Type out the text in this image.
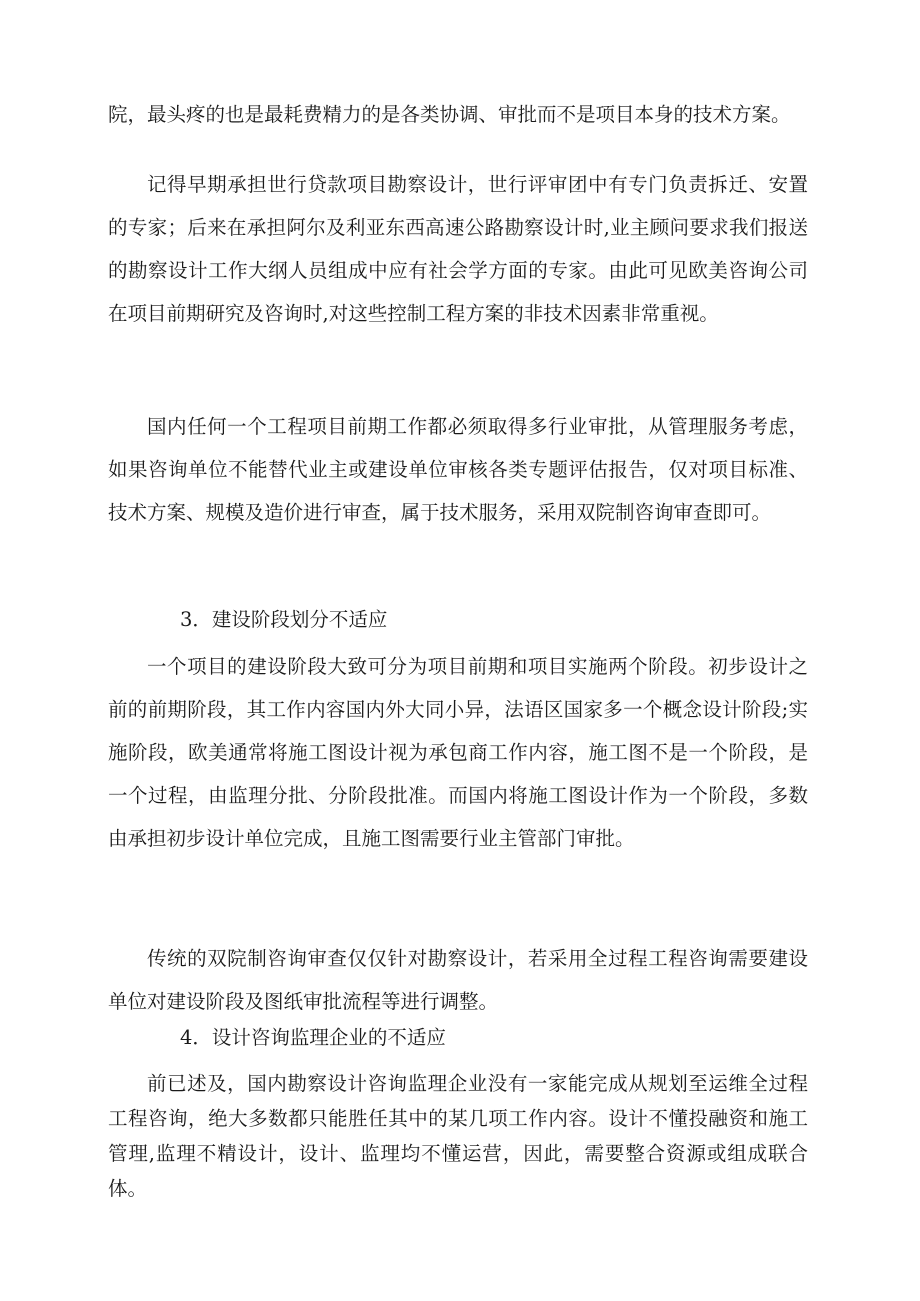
院，最头疼的也是最耗费精力的是各类协调、审批而不是项目本身的技术方案。

记得早期承担世行贷款项目勘察设计，世行评审团中有专门负责拆迁、安置的专家；后来在承担阿尔及利亚东西高速公路勘察设计时,业主顾问要求我们报送的勘察设计工作大纲人员组成中应有社会学方面的专家。由此可见欧美咨询公司在项目前期研究及咨询时,对这些控制工程方案的非技术因素非常重视。

国内任何一个工程项目前期工作都必须取得多行业审批，从管理服务考虑，如果咨询单位不能替代业主或建设单位审核各类专题评估报告，仅对项目标准、技术方案、规模及造价进行审查，属于技术服务，采用双院制咨询审查即可。

3．建设阶段划分不适应

一个项目的建设阶段大致可分为项目前期和项目实施两个阶段。初步设计之前的前期阶段，其工作内容国内外大同小异，法语区国家多一个概念设计阶段;实施阶段，欧美通常将施工图设计视为承包商工作内容，施工图不是一个阶段，是一个过程，由监理分批、分阶段批准。而国内将施工图设计作为一个阶段，多数由承担初步设计单位完成，且施工图需要行业主管部门审批。

传统的双院制咨询审查仅仅针对勘察设计，若采用全过程工程咨询需要建设单位对建设阶段及图纸审批流程等进行调整。

4．设计咨询监理企业的不适应

前已述及，国内勘察设计咨询监理企业没有一家能完成从规划至运维全过程工程咨询，绝大多数都只能胜任其中的某几项工作内容。设计不懂投融资和施工管理,监理不精设计，设计、监理均不懂运营，因此，需要整合资源或组成联合体。
